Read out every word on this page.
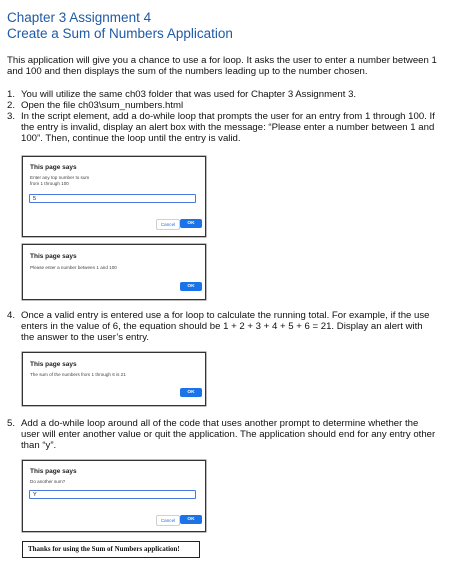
Chapter 3 Assignment 4
Create a Sum of Numbers Application
This application will give you a chance to use a for loop. It asks the user to enter a number between 1
and 100 and then displays the sum of the numbers leading up to the number chosen.
1. You will utilize the same ch03 folder that was used for Chapter 3 Assignment 3.
2. Open the file ch03\sum_numbers.html
3. In the script element, add a do-while loop that prompts the user for an entry from 1 through 100. If
the entry is invalid, display an alert box with the message: “Please enter a number between 1 and
100”. Then, continue the loop until the entry is valid.
This page says
Enter any top number to sum
from 1 through 100
5
Cancel	OK
This page says
Please enter a number between 1 and 100
OK
4. Once a valid entry is entered use a for loop to calculate the running total. For example, if the use
enters in the value of 6, the equation should be 1 + 2 + 3 + 4 + 5 + 6 = 21. Display an alert with
the answer to the user’s entry.
This page says
The sum of the numbers from 1 through 6 is 21
OK
5. Add a do-while loop around all of the code that uses another prompt to determine whether the
user will enter another value or quit the application. The application should end for any entry other
than “y”.
This page says
Do another sum?
Y
Cancel	OK
Thanks for using the Sum of Numbers application!
